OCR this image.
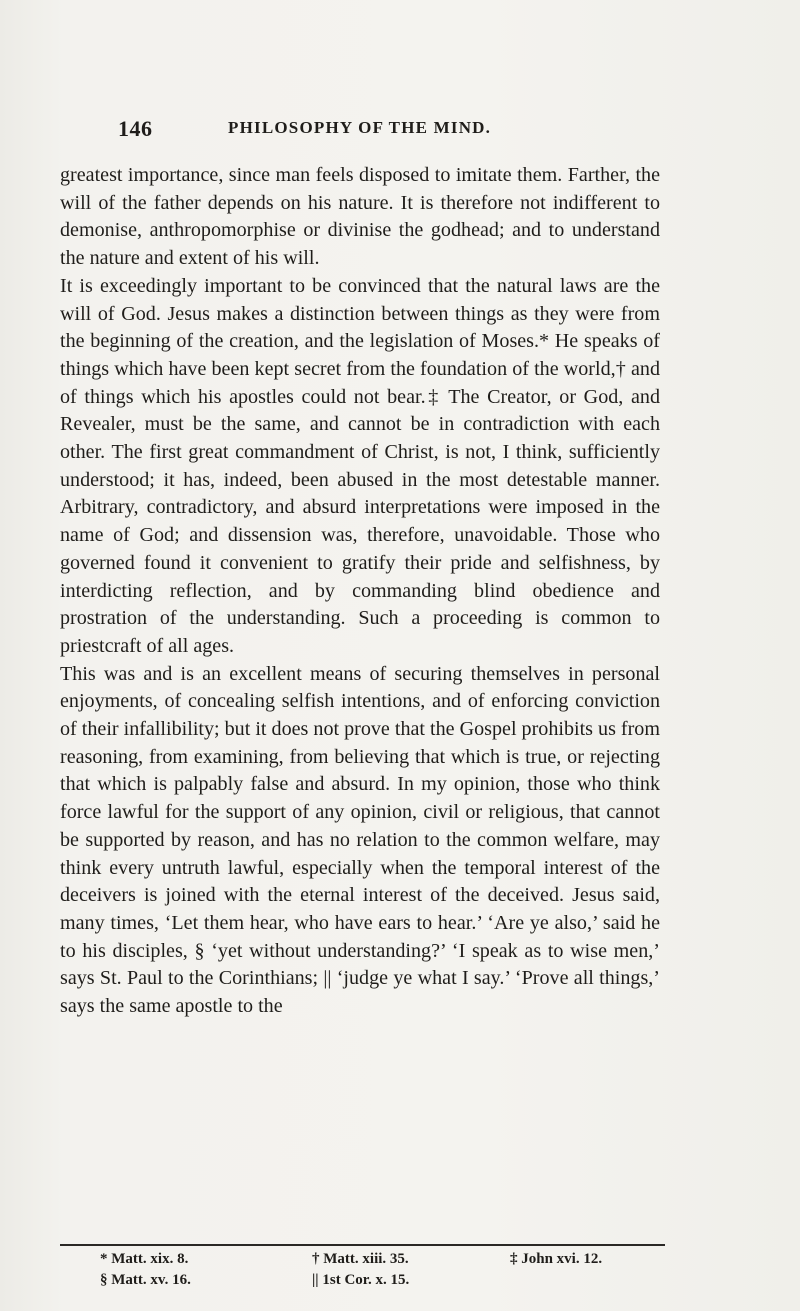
146	PHILOSOPHY OF THE MIND.

greatest importance, since man feels disposed to imitate them. Farther, the will of the father depends on his nature. It is therefore not indifferent to demonise, anthropomorphise or divinise the godhead; and to understand the nature and extent of his will.

It is exceedingly important to be convinced that the natural laws are the will of God. Jesus makes a distinction between things as they were from the beginning of the creation, and the legislation of Moses.* He speaks of things which have been kept secret from the foundation of the world,† and of things which his apostles could not bear.‡ The Creator, or God, and Revealer, must be the same, and cannot be in contradiction with each other. The first great commandment of Christ, is not, I think, sufficiently understood; it has, indeed, been abused in the most detestable manner. Arbitrary, contradictory, and absurd interpretations were imposed in the name of God; and dissension was, therefore, unavoidable. Those who governed found it convenient to gratify their pride and selfishness, by interdicting reflection, and by commanding blind obedience and prostration of the understanding. Such a proceeding is common to priestcraft of all ages.

This was and is an excellent means of securing themselves in personal enjoyments, of concealing selfish intentions, and of enforcing conviction of their infallibility; but it does not prove that the Gospel prohibits us from reasoning, from examining, from believing that which is true, or rejecting that which is palpably false and absurd. In my opinion, those who think force lawful for the support of any opinion, civil or religious, that cannot be supported by reason, and has no relation to the common welfare, may think every untruth lawful, especially when the temporal interest of the deceivers is joined with the eternal interest of the deceived. Jesus said, many times, ‘Let them hear, who have ears to hear.’ ‘Are ye also,’ said he to his disciples, § ‘yet without understanding?’ ‘I speak as to wise men,’ says St. Paul to the Corinthians; || ‘judge ye what I say.’ ‘Prove all things,’ says the same apostle to the

* Matt. xix. 8.	† Matt. xiii. 35.	‡ John xvi. 12.
§ Matt. xv. 16.	|| 1st Cor. x. 15.
